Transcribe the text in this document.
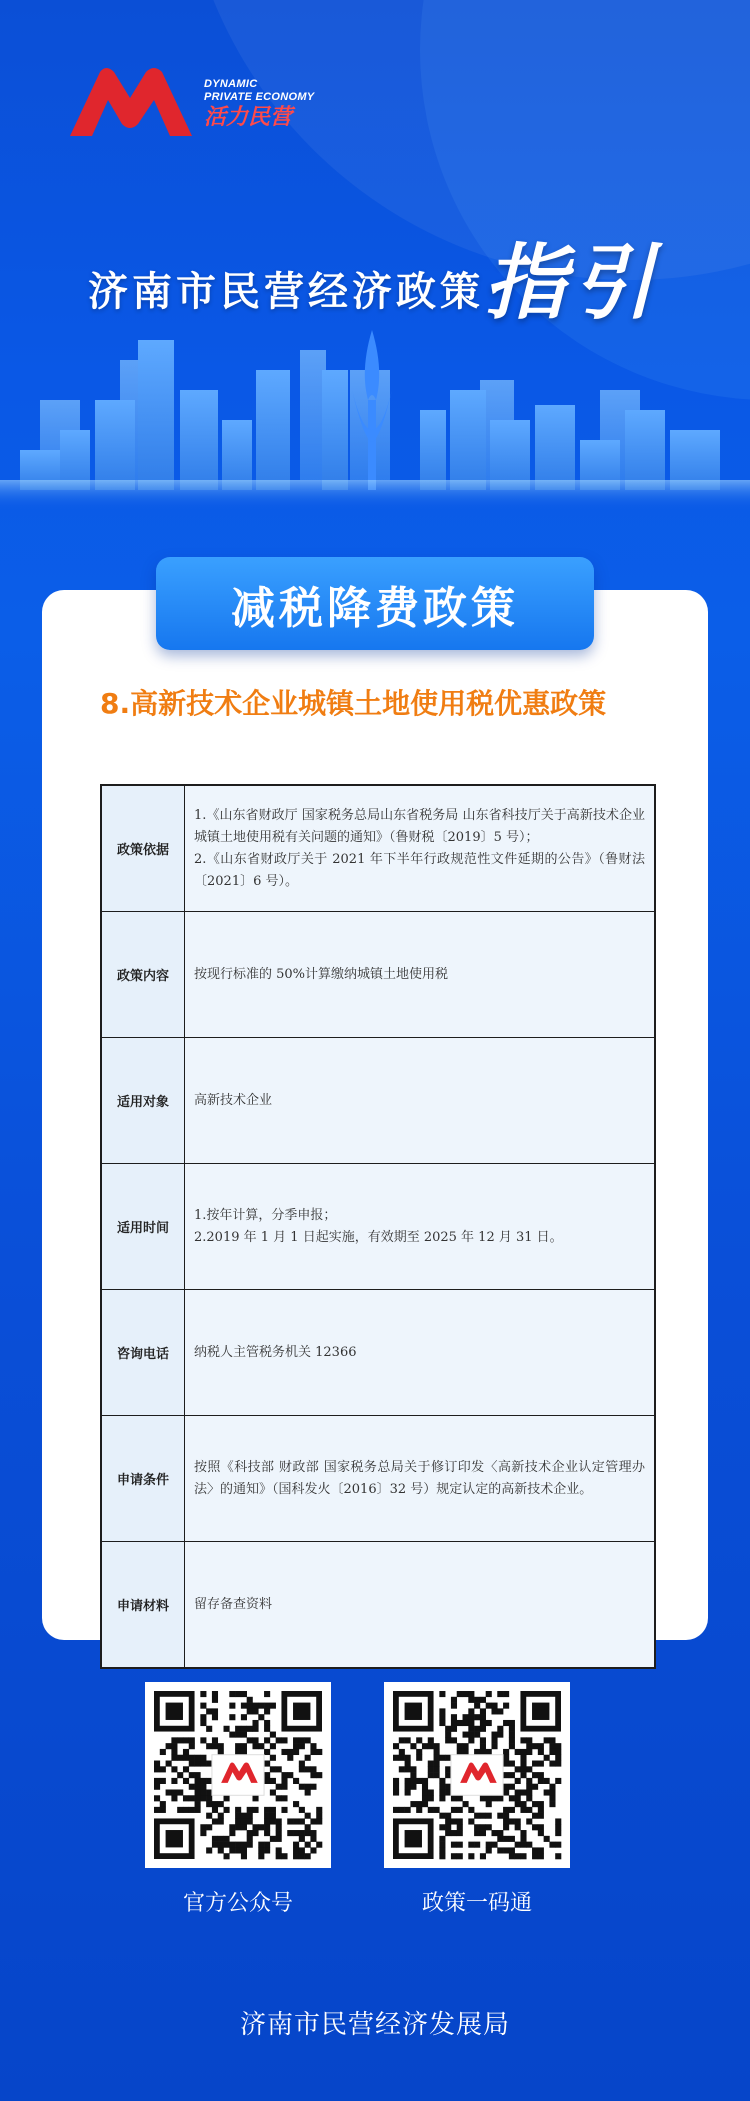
DYNAMIC
PRIVATE ECONOMY
活力民营
济南市民营经济政策 指引
减税降费政策
8.高新技术企业城镇土地使用税优惠政策
政策依据	1.《山东省财政厅 国家税务总局山东省税务局 山东省科技厅关于高新技术企业城镇土地使用税有关问题的通知》（鲁财税〔2019〕5 号）；
2.《山东省财政厅关于 2021 年下半年行政规范性文件延期的公告》（鲁财法〔2021〕6 号）。

政策内容	按现行标准的 50%计算缴纳城镇土地使用税

适用对象	高新技术企业

适用时间	1.按年计算，分季申报；
2.2019 年 1 月 1 日起实施，有效期至 2025 年 12 月 31 日。

咨询电话	纳税人主管税务机关 12366

申请条件	按照《科技部 财政部 国家税务总局关于修订印发〈高新技术企业认定管理办法〉的通知》（国科发火〔2016〕32 号）规定认定的高新技术企业。

申请材料	留存备查资料
官方公众号	政策一码通
济南市民营经济发展局
